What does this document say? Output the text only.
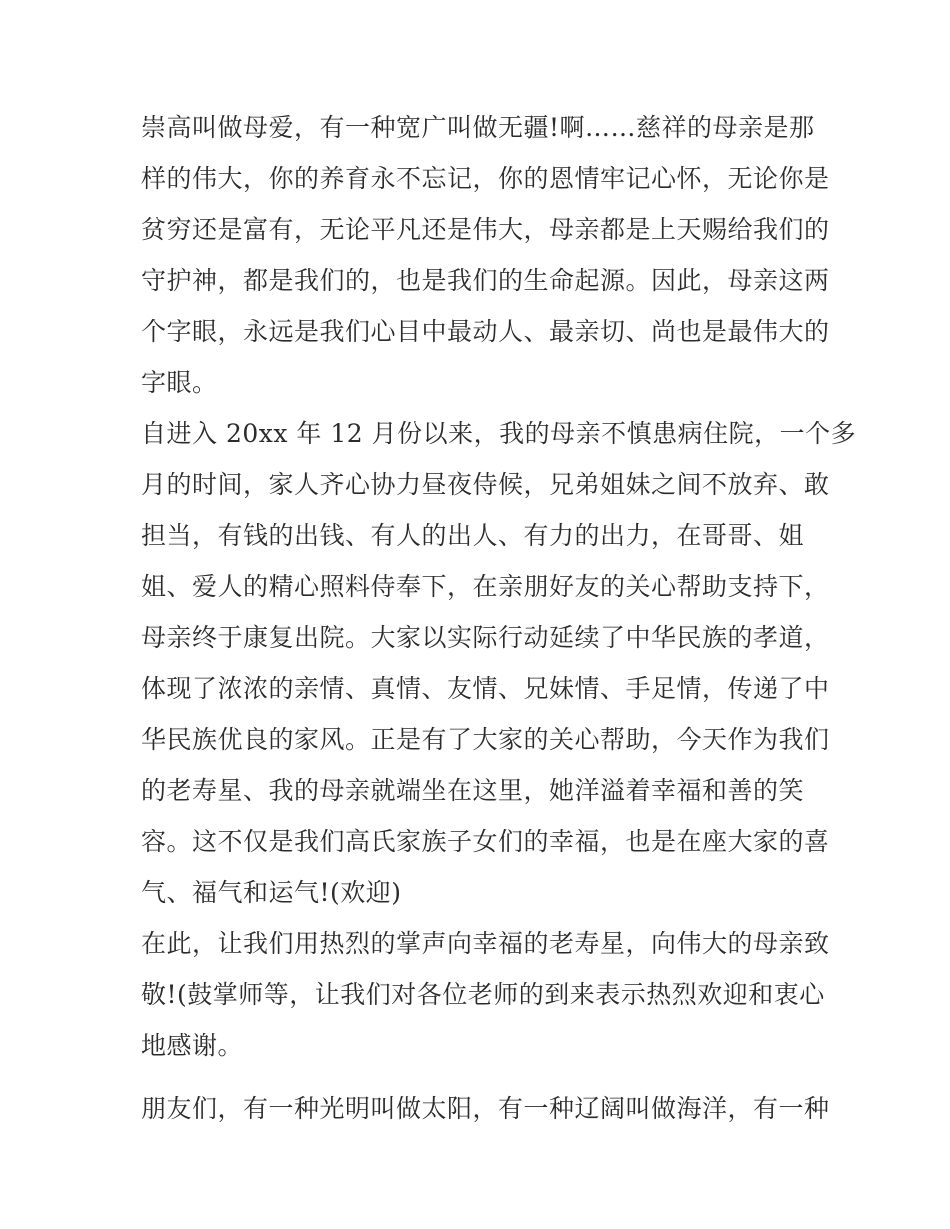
崇高叫做母爱，有一种宽广叫做无疆!啊……慈祥的母亲是那

样的伟大，你的养育永不忘记，你的恩情牢记心怀，无论你是

贫穷还是富有，无论平凡还是伟大，母亲都是上天赐给我们的

守护神，都是我们的，也是我们的生命起源。因此，母亲这两

个字眼，永远是我们心目中最动人、最亲切、尚也是最伟大的

字眼。

自进入 20xx 年 12 月份以来，我的母亲不慎患病住院，一个多

月的时间，家人齐心协力昼夜侍候，兄弟姐妹之间不放弃、敢

担当，有钱的出钱、有人的出人、有力的出力，在哥哥、姐

姐、爱人的精心照料侍奉下，在亲朋好友的关心帮助支持下，

母亲终于康复出院。大家以实际行动延续了中华民族的孝道，

体现了浓浓的亲情、真情、友情、兄妹情、手足情，传递了中

华民族优良的家风。正是有了大家的关心帮助，今天作为我们

的老寿星、我的母亲就端坐在这里，她洋溢着幸福和善的笑

容。这不仅是我们高氏家族子女们的幸福，也是在座大家的喜

气、福气和运气!(欢迎)

在此，让我们用热烈的掌声向幸福的老寿星，向伟大的母亲致

敬!(鼓掌师等，让我们对各位老师的到来表示热烈欢迎和衷心

地感谢。

朋友们，有一种光明叫做太阳，有一种辽阔叫做海洋，有一种
